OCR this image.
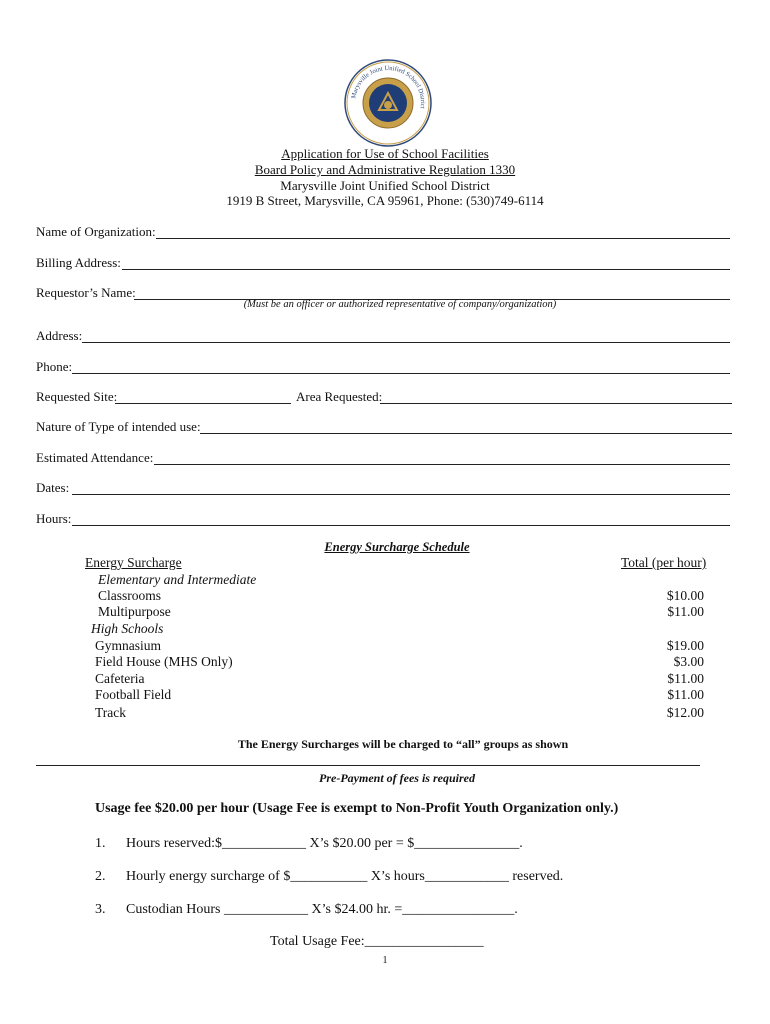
Marysville Joint Unified School District
Application for Use of School Facilities
Board Policy and Administrative Regulation 1330
Marysville Joint Unified School District
1919 B Street, Marysville, CA 95961, Phone: (530)749-6114
Name of Organization:
Billing Address:
Requestor’s Name:
(Must be an officer or authorized representative of company/organization)
Address:
Phone:
Requested Site:	Area Requested:
Nature of Type of intended use:
Estimated Attendance:
Dates:
Hours:
Energy Surcharge Schedule
Energy Surcharge	Total (per hour)
Elementary and Intermediate
Classrooms	$10.00
Multipurpose	$11.00
High Schools
Gymnasium	$19.00
Field House (MHS Only)	$3.00
Cafeteria	$11.00
Football Field	$11.00
Track	$12.00
The Energy Surcharges will be charged to “all” groups as shown
Pre-Payment of fees is required
Usage fee $20.00 per hour (Usage Fee is exempt to Non-Profit Youth Organization only.)
1. Hours reserved:$____________ X’s $20.00 per = $_______________.
2. Hourly energy surcharge of $___________ X’s hours____________ reserved.
3. Custodian Hours ____________ X’s $24.00 hr. =________________.
Total Usage Fee:_________________
1
